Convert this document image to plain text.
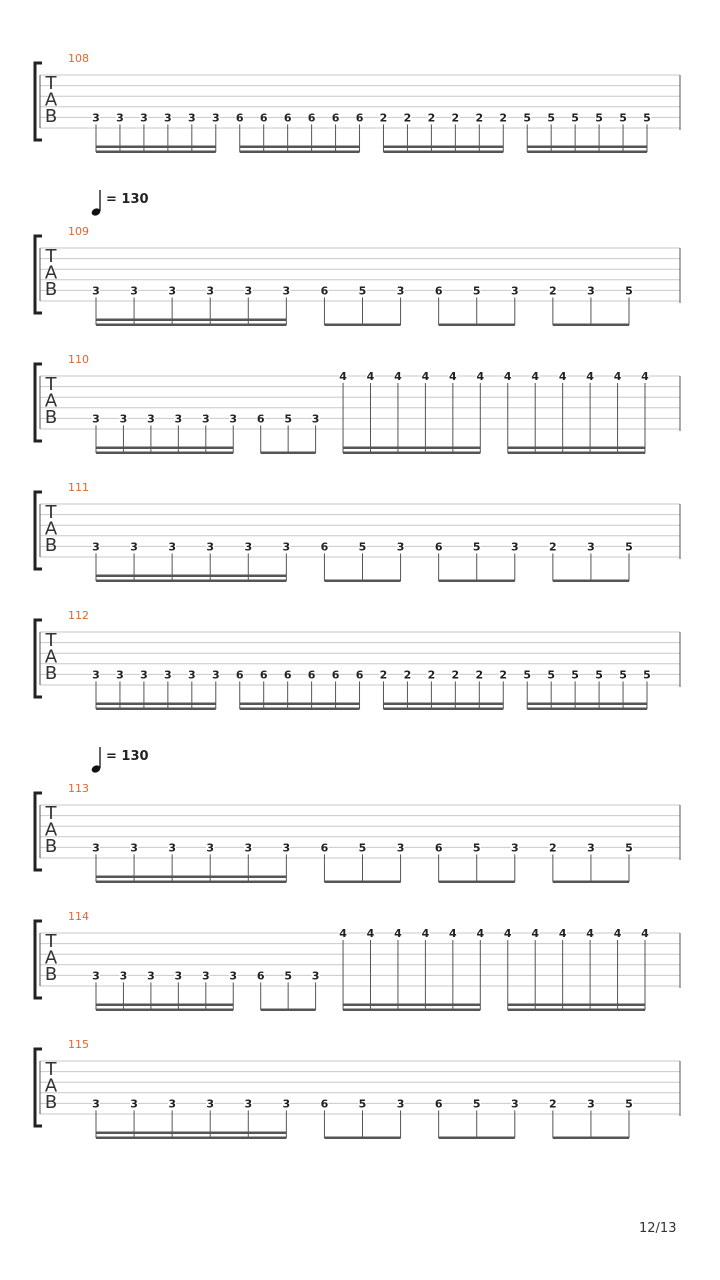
T
A
B
108
3 3 3 3 3 3 6 6 6 6 6 6 2 2 2 2 2 2 5 5 5 5 5 5
T
A
B
109
= 130
3	3	3	3	3	3	6	5	3	6	5	3	2	3	5
T
A
B
110
3 3 3 3 3 3 6 5 3
4 4 4 4 4 4 4 4 4 4 4 4
T
A
B
111
3	3	3	3	3	3	6	5	3	6	5	3	2	3	5
T
A
B
112
3 3 3 3 3 3 6 6 6 6 6 6 2 2 2 2 2 2 5 5 5 5 5 5
T
A
B
113
= 130
3	3	3	3	3	3	6	5	3	6	5	3	2	3	5
T
A
B
114
3 3 3 3 3 3 6 5 3
4 4 4 4 4 4 4 4 4 4 4 4
T
A
B
115
3	3	3	3	3	3	6	5	3	6	5	3	2	3	5
12/13
